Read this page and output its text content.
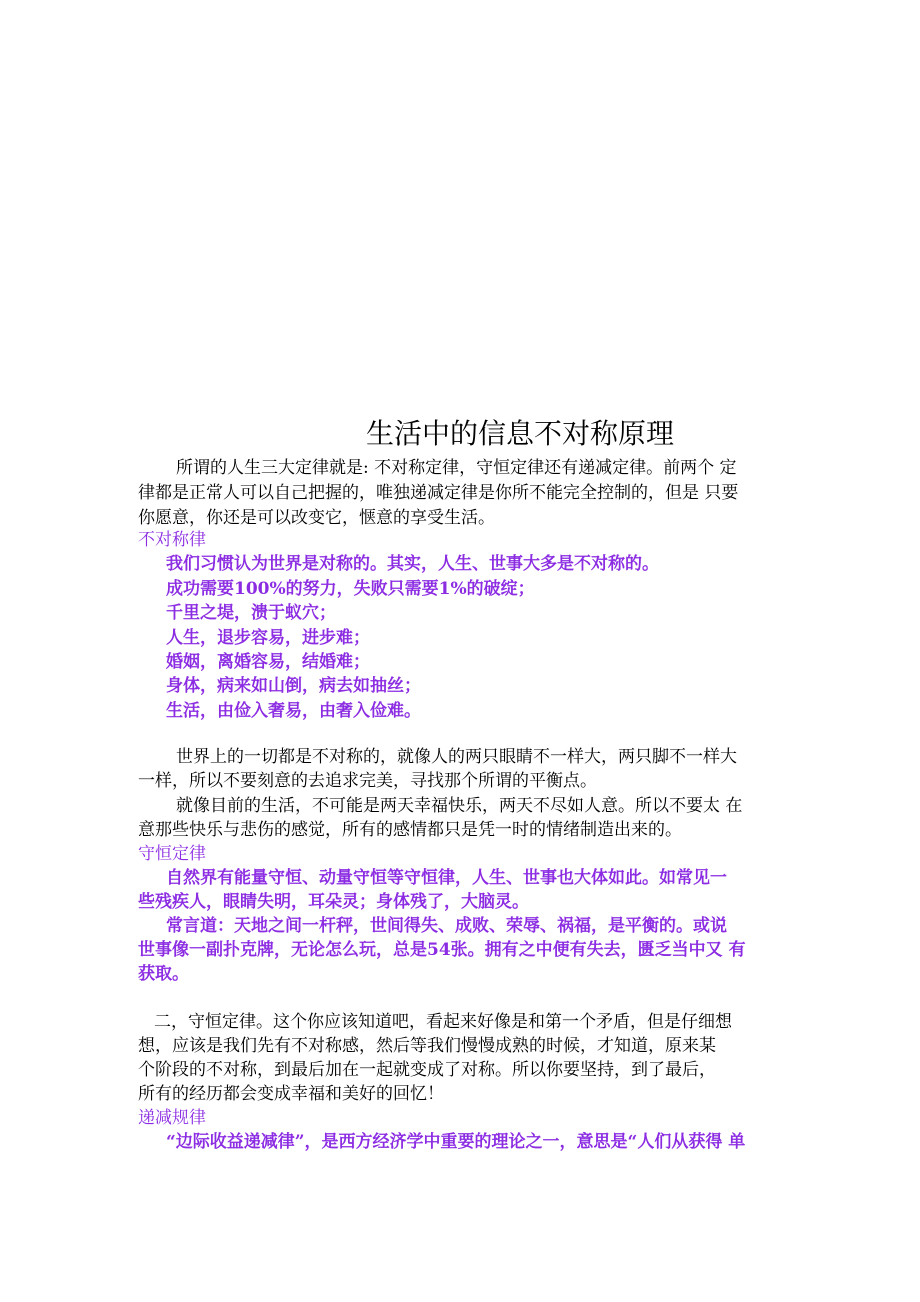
生活中的信息不对称原理
所谓的人生三大定律就是: 不对称定律，守恒定律还有递减定律。前两个 定
律都是正常人可以自己把握的，唯独递减定律是你所不能完全控制的，但是 只要
你愿意，你还是可以改变它，惬意的享受生活。
不对称律
我们习惯认为世界是对称的。其实，人生、世事大多是不对称的。
成功需要100%的努力，失败只需要1%的破绽；
千里之堤，溃于蚁穴；
人生，退步容易，进步难；
婚姻，离婚容易，结婚难；
身体，病来如山倒，病去如抽丝；
生活，由俭入奢易，由奢入俭难。
世界上的一切都是不对称的，就像人的两只眼睛不一样大，两只脚不一样大
一样，所以不要刻意的去追求完美，寻找那个所谓的平衡点。
就像目前的生活，不可能是两天幸福快乐，两天不尽如人意。所以不要太 在
意那些快乐与悲伤的感觉，所有的感情都只是凭一时的情绪制造出来的。
守恒定律
自然界有能量守恒、动量守恒等守恒律，人生、世事也大体如此。如常见一
些残疾人，眼睛失明，耳朵灵；身体残了，大脑灵。
常言道：天地之间一杆秤，世间得失、成败、荣辱、祸福，是平衡的。或说
世事像一副扑克牌，无论怎么玩，总是54张。拥有之中便有失去，匮乏当中又 有
获取。
二，守恒定律。这个你应该知道吧，看起来好像是和第一个矛盾，但是仔细想
想，应该是我们先有不对称感，然后等我们慢慢成熟的时候，才知道，原来某
个阶段的不对称，到最后加在一起就变成了对称。所以你要坚持，到了最后，
所有的经历都会变成幸福和美好的回忆！
递减规律
“边际收益递减律”，是西方经济学中重要的理论之一，意思是“人们从获得 单
